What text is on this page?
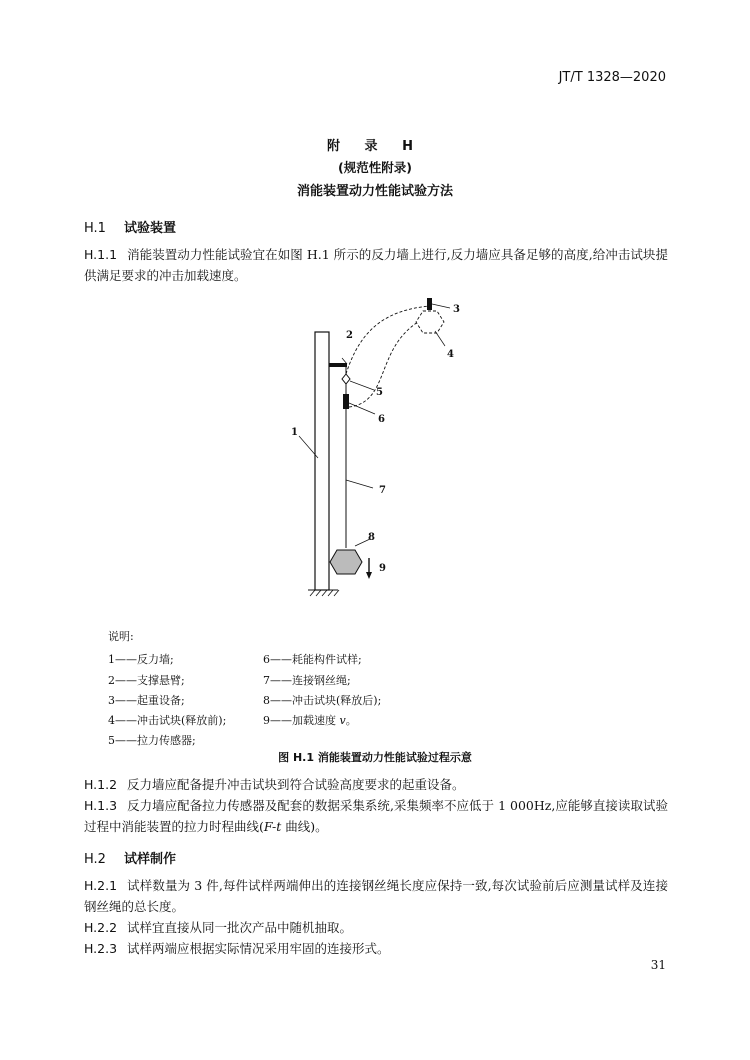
JT/T 1328—2020
附 录 H
(规范性附录)
消能装置动力性能试验方法
H.1 试验装置
H.1.1 消能装置动力性能试验宜在如图 H.1 所示的反力墙上进行,反力墙应具备足够的高度,给冲击试块提供满足要求的冲击加载速度。
3
4
2
5
6
1
7
8
9
说明:
1——反力墙;
2——支撑悬臂;
3——起重设备;
4——冲击试块(释放前);
5——拉力传感器;
6——耗能构件试样;
7——连接钢丝绳;
8——冲击试块(释放后);
9——加载速度 v。
图 H.1 消能装置动力性能试验过程示意
H.1.2 反力墙应配备提升冲击试块到符合试验高度要求的起重设备。
H.1.3 反力墙应配备拉力传感器及配套的数据采集系统,采集频率不应低于 1 000Hz,应能够直接读取试验过程中消能装置的拉力时程曲线(F-t 曲线)。
H.2 试样制作
H.2.1 试样数量为 3 件,每件试样两端伸出的连接钢丝绳长度应保持一致,每次试验前后应测量试样及连接钢丝绳的总长度。
H.2.2 试样宜直接从同一批次产品中随机抽取。
H.2.3 试样两端应根据实际情况采用牢固的连接形式。
31
